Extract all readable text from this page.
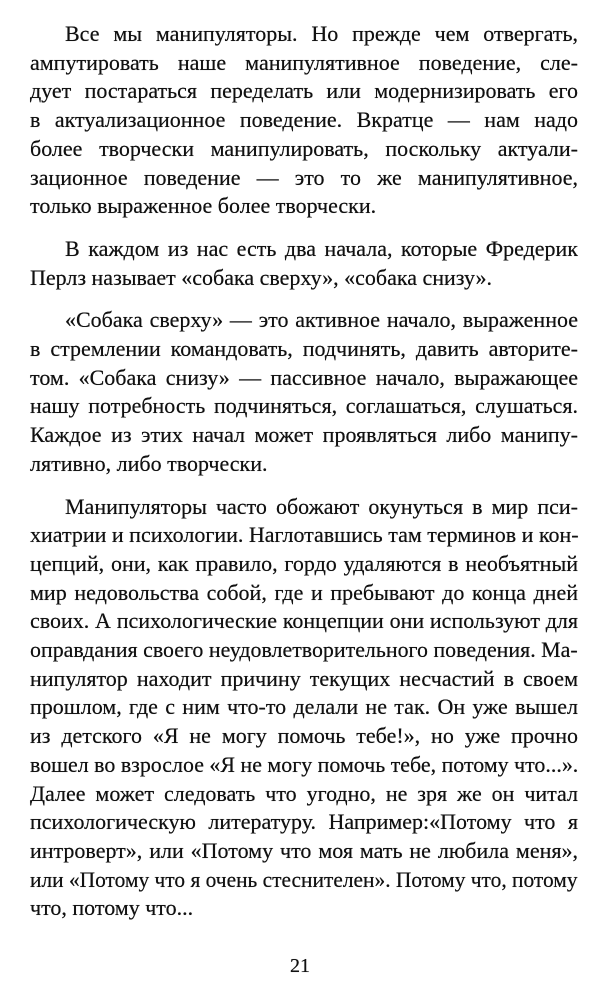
Все мы манипуляторы. Но прежде чем отвергать,
ампутировать наше манипулятивное поведение, сле-
дует постараться переделать или модернизировать его
в актуализационное поведение. Вкратце — нам надо
более творчески манипулировать, поскольку актуали-
зационное поведение — это то же манипулятивное,
только выраженное более творчески.
В каждом из нас есть два начала, которые Фредерик
Перлз называет «собака сверху», «собака снизу».
«Собака сверху» — это активное начало, выраженное
в стремлении командовать, подчинять, давить авторите-
том. «Собака снизу» — пассивное начало, выражающее
нашу потребность подчиняться, соглашаться, слушаться.
Каждое из этих начал может проявляться либо манипу-
лятивно, либо творчески.
Манипуляторы часто обожают окунуться в мир пси-
хиатрии и психологии. Наглотавшись там терминов и кон-
цепций, они, как правило, гордо удаляются в необъятный
мир недовольства собой, где и пребывают до конца дней
своих. А психологические концепции они используют для
оправдания своего неудовлетворительного поведения. Ма-
нипулятор находит причину текущих несчастий в своем
прошлом, где с ним что-то делали не так. Он уже вышел
из детского «Я не могу помочь тебе!», но уже прочно
вошел во взрослое «Я не могу помочь тебе, потому что...».
Далее может следовать что угодно, не зря же он читал
психологическую литературу. Например:«Потому что я
интроверт», или «Потому что моя мать не любила меня»,
или «Потому что я очень стеснителен». Потому что, потому
что, потому что...
21
